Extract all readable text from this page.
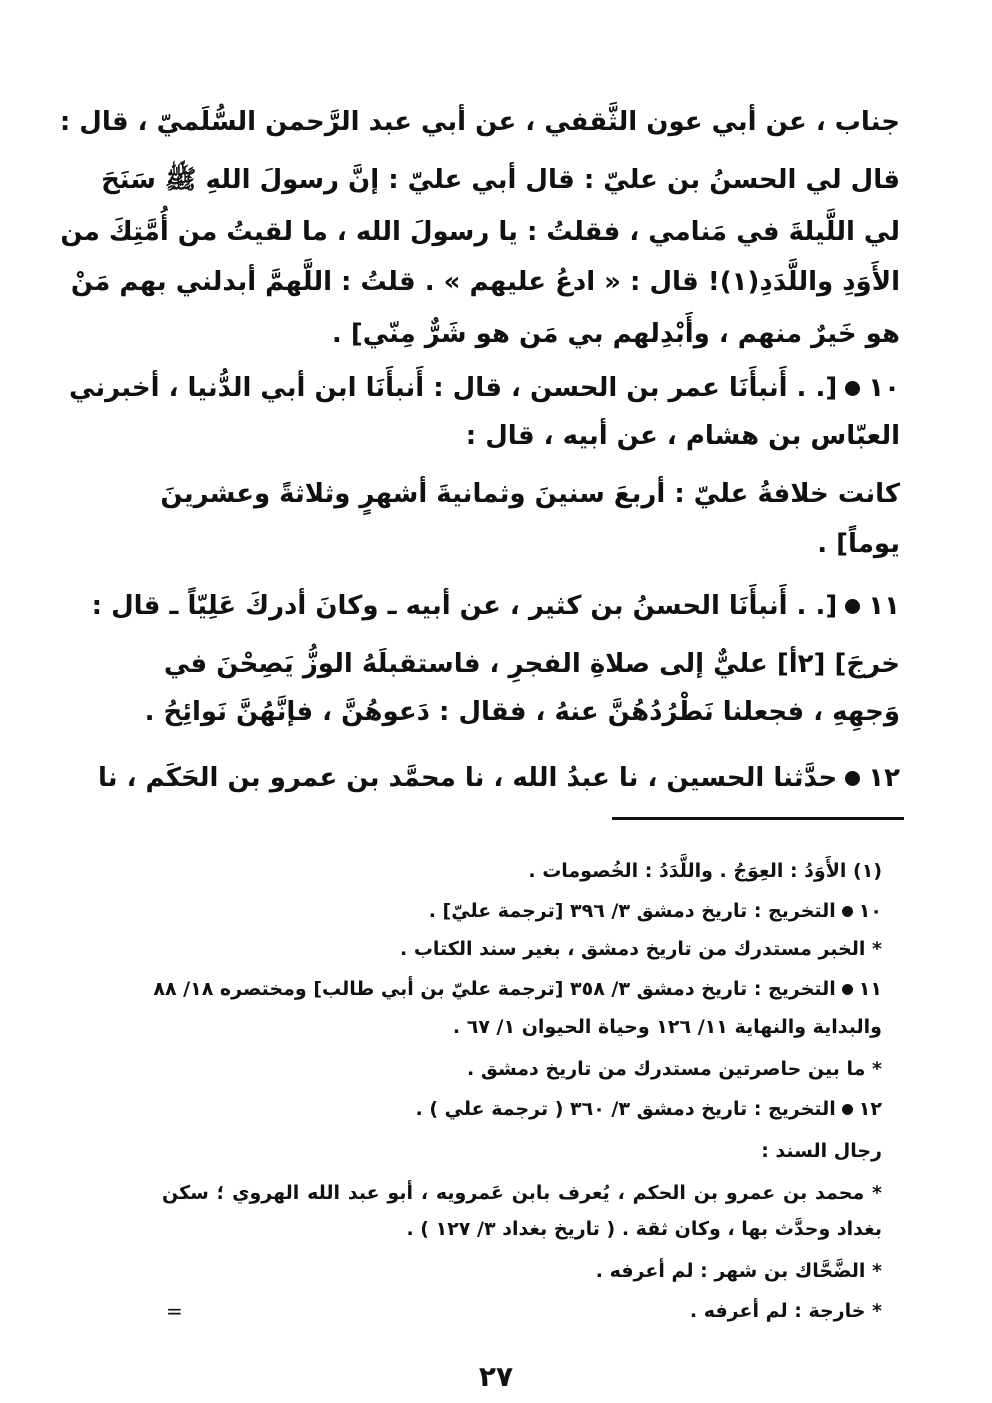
جناب ، عن أبي عون الثَّقفي ، عن أبي عبد الرَّحمن السُّلَميّ ، قال :
قال لي الحسنُ بن عليّ : قال أبي عليّ : إنَّ رسولَ اللهِ ﷺ سَنَحَ
لي اللَّيلةَ في مَنامي ، فقلتُ : يا رسولَ الله ، ما لقيتُ من أُمَّتِكَ من
الأَوَدِ واللَّدَدِ(١)! قال : « ادعُ عليهم » . قلتُ : اللَّهمَّ أبدلني بهم مَنْ
هو خَيرٌ منهم ، وأَبْدِلهم بي مَن هو شَرٌّ مِنّي] .
١٠[. . أَنبأَنَا عمر بن الحسن ، قال : أَنبأَنَا ابن أبي الدُّنيا ، أخبرني
العبّاس بن هشام ، عن أبيه ، قال :
كانت خلافةُ عليّ : أربعَ سنينَ وثمانيةَ أشهرٍ وثلاثةً وعشرينَ
يوماً] .
١١[. . أَنبأَنَا الحسنُ بن كثير ، عن أبيه ـ وكانَ أدركَ عَلِيّاً ـ قال :
خرجَ] [٢أ] عليٌّ إلى صلاةِ الفجرِ ، فاستقبلَهُ الوزُّ يَصِحْنَ في
وَجهِهِ ، فجعلنا نَطْرُدُهُنَّ عنهُ ، فقال : دَعوهُنَّ ، فإنَّهُنَّ نَوائِحُ .
١٢حدَّثنا الحسين ، نا عبدُ الله ، نا محمَّد بن عمرو بن الحَكَم ، نا
(١) الأَوَدُ : العِوَجُ . واللَّدَدُ : الخُصومات .
١٠التخريج : تاريخ دمشق ٣/ ٣٩٦ [ترجمة عليّ] .
* الخبر مستدرك من تاريخ دمشق ، بغير سند الكتاب .
١١التخريج : تاريخ دمشق ٣/ ٣٥٨ [ترجمة عليّ بن أبي طالب] ومختصره ١٨/ ٨٨
والبداية والنهاية ١١/ ١٢٦ وحياة الحيوان ١/ ٦٧ .
* ما بين حاصرتين مستدرك من تاريخ دمشق .
١٢التخريج : تاريخ دمشق ٣/ ٣٦٠ ( ترجمة علي ) .
رجال السند :
* محمد بن عمرو بن الحكم ، يُعرف بابن عَمرويه ، أبو عبد الله الهروي ؛ سكن
بغداد وحدَّث بها ، وكان ثقة . ( تاريخ بغداد ٣/ ١٢٧ ) .
* الضَّحَّاك بن شهر : لم أعرفه .
* خارجة : لم أعرفه .
=
٢٧
